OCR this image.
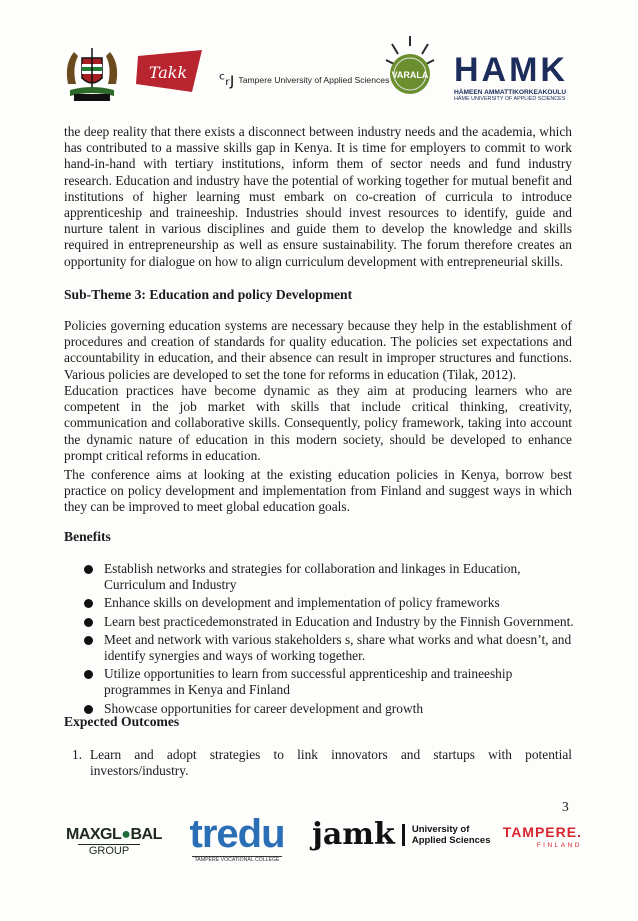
Takk ᶜᵣȷ Tampere University of Applied Sciences VARALA HAMK
HÄMEEN AMMATTIKORKEAKOULU
HÄME UNIVERSITY OF APPLIED SCIENCES

the deep reality that there exists a disconnect between industry needs and the academia, which has contributed to a massive skills gap in Kenya. It is time for employers to commit to work hand-in-hand with tertiary institutions, inform them of sector needs and fund industry research. Education and industry have the potential of working together for mutual benefit and institutions of higher learning must embark on co-creation of curricula to introduce apprenticeship and traineeship. Industries should invest resources to identify, guide and nurture talent in various disciplines and guide them to develop the knowledge and skills required in entrepreneurship as well as ensure sustainability. The forum therefore creates an opportunity for dialogue on how to align curriculum development with entrepreneurial skills.

Sub-Theme 3: Education and policy Development

Policies governing education systems are necessary because they help in the establishment of procedures and creation of standards for quality education. The policies set expectations and accountability in education, and their absence can result in improper structures and functions. Various policies are developed to set the tone for reforms in education (Tilak, 2012).

Education practices have become dynamic as they aim at producing learners who are competent in the job market with skills that include critical thinking, creativity, communication and collaborative skills. Consequently, policy framework, taking into account the dynamic nature of education in this modern society, should be developed to enhance prompt critical reforms in education.

The conference aims at looking at the existing education policies in Kenya, borrow best practice on policy development and implementation from Finland and suggest ways in which they can be improved to meet global education goals.

Benefits
Establish networks and strategies for collaboration and linkages in Education, Curriculum and Industry
Enhance skills on development and implementation of policy frameworks
Learn best practicedemonstrated in Education and Industry by the Finnish Government.
Meet and network with various stakeholders s, share what works and what doesn’t, and identify synergies and ways of working together.
Utilize opportunities to learn from successful apprenticeship and traineeship programmes in Kenya and Finland
Showcase opportunities for career development and growth
Expected Outcomes
1. Learn and adopt strategies to link innovators and startups with potential investors/industry.
3
MAXGL●BAL
GROUP tredu
TAMPERE VOCATIONAL COLLEGE
jamk University of
Applied Sciences
TAMPERE.
FINLAND
